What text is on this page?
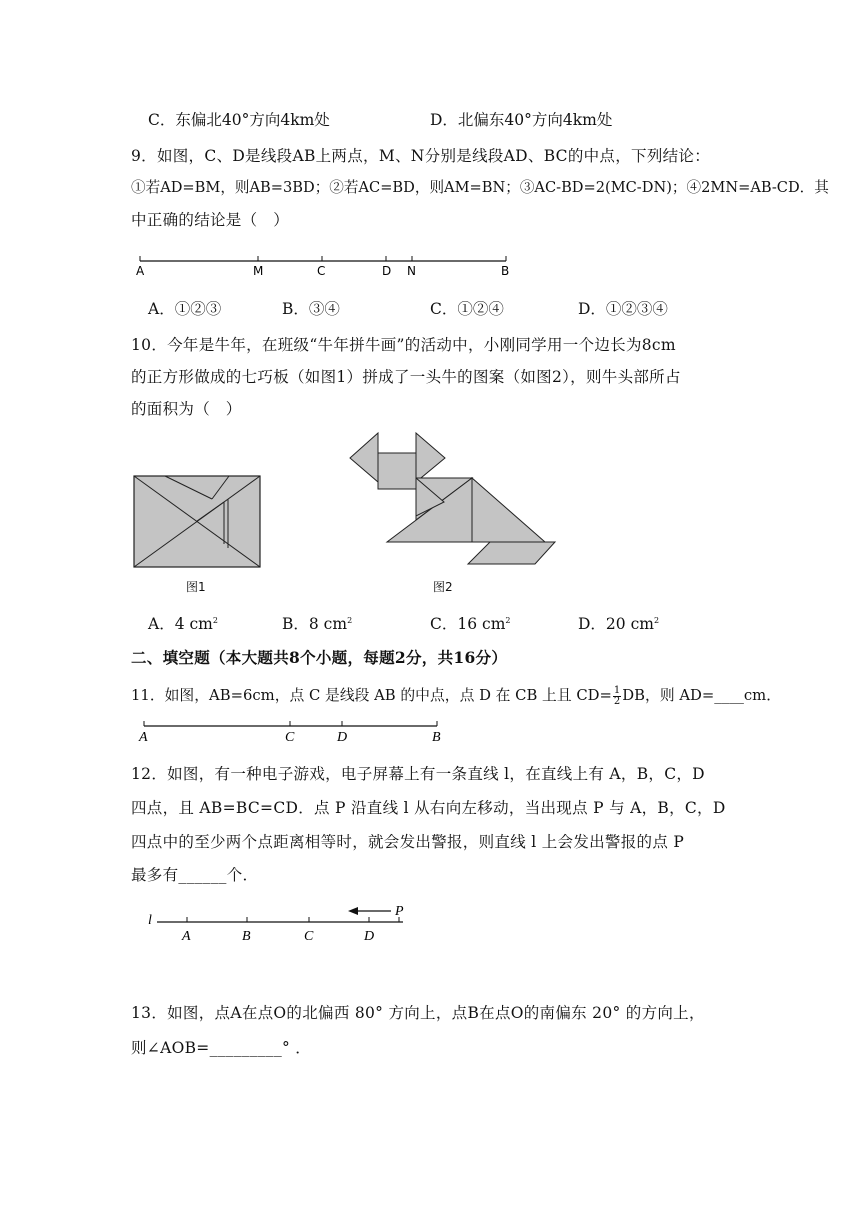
C．东偏北40°方向4km处	D．北偏东40°方向4km处
9．如图，C、D是线段AB上两点，M、N分别是线段AD、BC的中点，下列结论：
①若AD=BM，则AB=3BD；②若AC=BD，则AM=BN；③AC-BD=2(MC-DN)；④2MN=AB-CD．其
中正确的结论是（　）
A	M	C	D N	B
A．①②③	B．③④	C．①②④	D．①②③④
10．今年是牛年，在班级“牛年拼牛画”的活动中，小刚同学用一个边长为8cm
的正方形做成的七巧板（如图1）拼成了一头牛的图案（如图2），则牛头部所占
的面积为（　）
图1	图2
A．4 $cm^2$	B．8 $cm^2$	C．16 $cm^2$	D．20 $cm^2$
二、填空题（本大题共8个小题，每题2分，共16分）
11．如图，AB=6cm，点 C 是线段 AB 的中点，点 D 在 CB 上且 $CD= \frac{1}{2}$ DB，则 AD=____cm．
A	C	D	B
12．如图，有一种电子游戏，电子屏幕上有一条直线 l，在直线上有 A，B，C，D
四点，且 AB=BC=CD．点 P 沿直线 l 从右向左移动，当出现点 P 与 A，B，C，D
四点中的至少两个点距离相等时，就会发出警报，则直线 l 上会发出警报的点 P
最多有______个．
l
A	B	C	D
P
13．如图，点A在点O的北偏西 80° 方向上，点B在点O的南偏东 20° 的方向上，
则∠AOB=_________° ．
